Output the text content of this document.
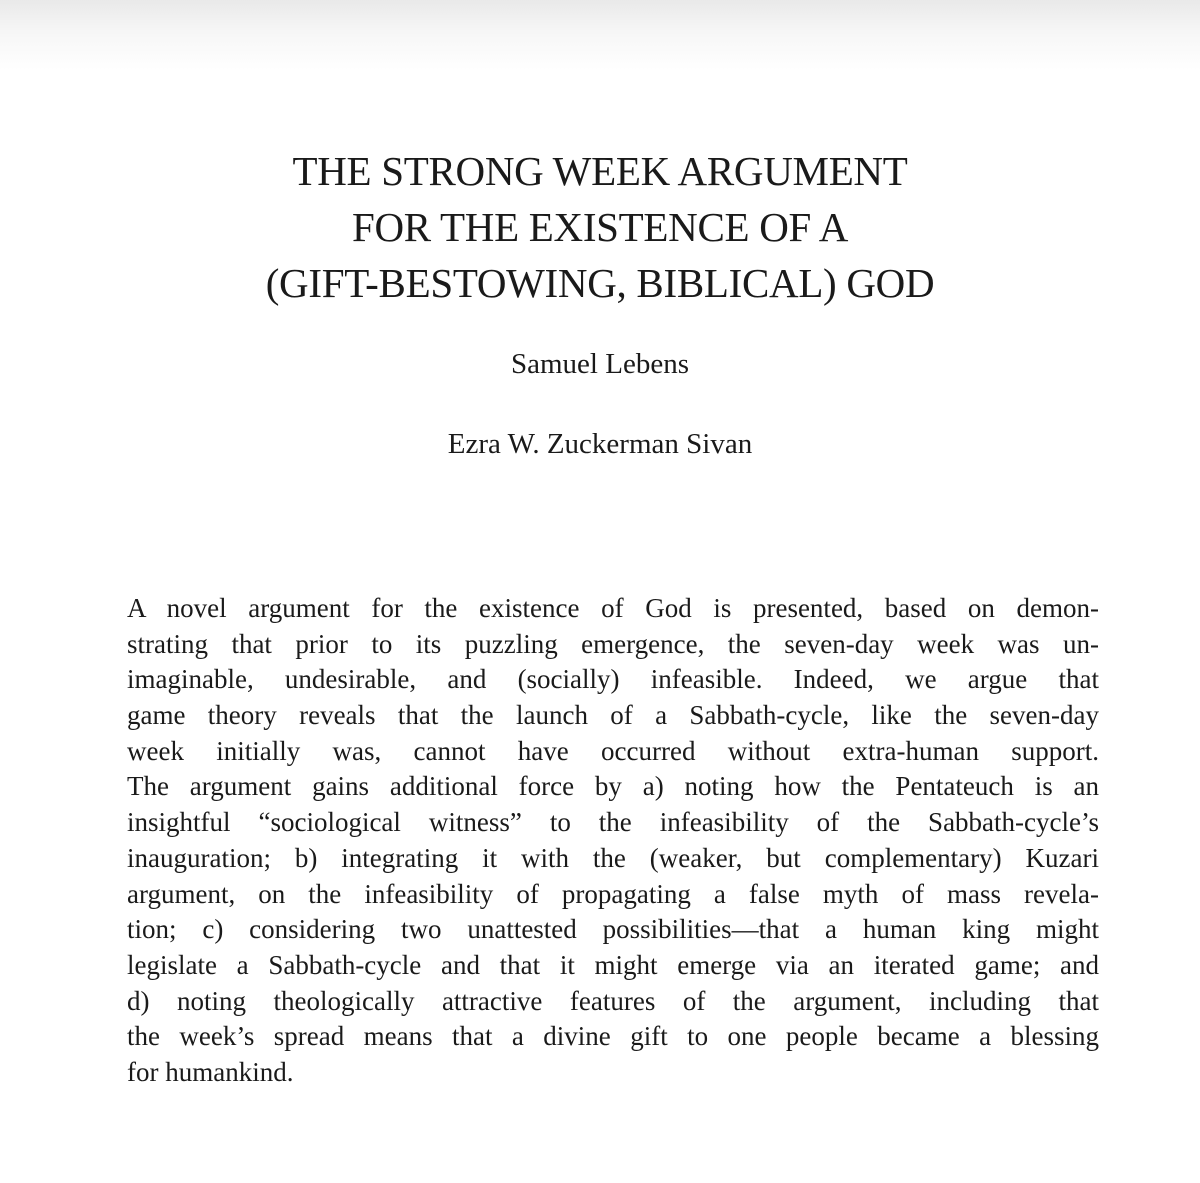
THE STRONG WEEK ARGUMENT
FOR THE EXISTENCE OF A
(GIFT-BESTOWING, BIBLICAL) GOD

Samuel Lebens

Ezra W. Zuckerman Sivan

A novel argument for the existence of God is presented, based on demon-
strating that prior to its puzzling emergence, the seven-day week was un-
imaginable, undesirable, and (socially) infeasible. Indeed, we argue that
game theory reveals that the launch of a Sabbath-cycle, like the seven-day
week initially was, cannot have occurred without extra-human support.
The argument gains additional force by a) noting how the Pentateuch is an
insightful “sociological witness” to the infeasibility of the Sabbath-cycle’s
inauguration; b) integrating it with the (weaker, but complementary) Kuzari
argument, on the infeasibility of propagating a false myth of mass revela-
tion; c) considering two unattested possibilities—that a human king might
legislate a Sabbath-cycle and that it might emerge via an iterated game; and
d) noting theologically attractive features of the argument, including that
the week’s spread means that a divine gift to one people became a blessing
for humankind.
